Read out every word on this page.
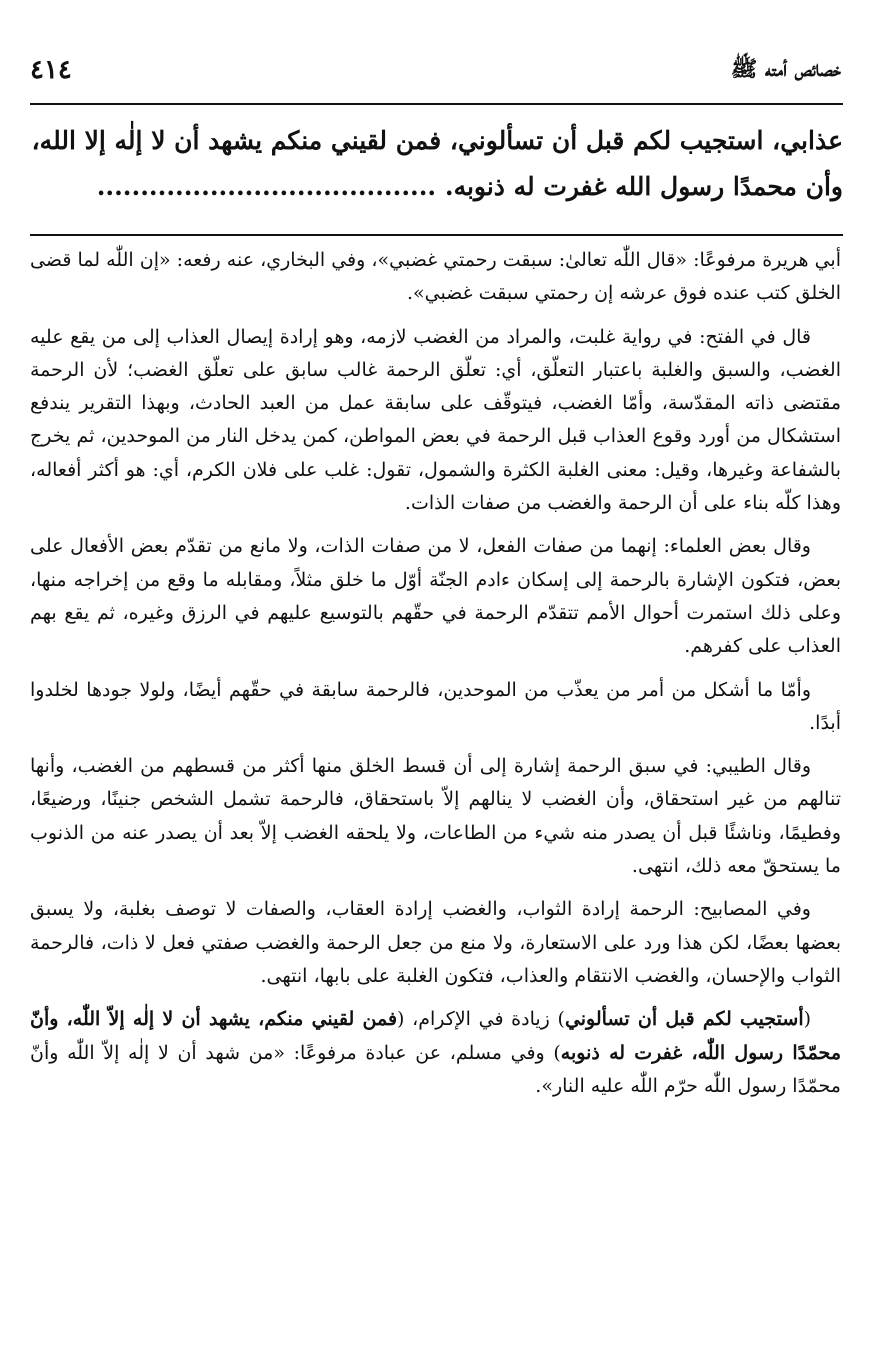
خصائص أمته ﷺ
٤١٤

عذابي، استجيب لكم قبل أن تسألوني، فمن لقيني منكم يشهد أن لا إلٰه إلا الله،

وأن محمدًا رسول الله غفرت له ذنوبه. .......................................

أبي هريرة مرفوعًا: «قال اللّٰه تعالىٰ: سبقت رحمتي غضبي»، وفي البخاري، عنه رفعه: «إن اللّٰه لما قضى الخلق كتب عنده فوق عرشه إن رحمتي سبقت غضبي».

قال في الفتح: في رواية غلبت، والمراد من الغضب لازمه، وهو إرادة إيصال العذاب إلى من يقع عليه الغضب، والسبق والغلبة باعتبار التعلّق، أي: تعلّق الرحمة غالب سابق على تعلّق الغضب؛ لأن الرحمة مقتضى ذاته المقدّسة، وأمّا الغضب، فيتوقّف على سابقة عمل من العبد الحادث، وبهذا التقرير يندفع استشكال من أورد وقوع العذاب قبل الرحمة في بعض المواطن، كمن يدخل النار من الموحدين، ثم يخرج بالشفاعة وغيرها، وقيل: معنى الغلبة الكثرة والشمول، تقول: غلب على فلان الكرم، أي: هو أكثر أفعاله، وهذا كلّه بناء على أن الرحمة والغضب من صفات الذات.

وقال بعض العلماء: إنهما من صفات الفعل، لا من صفات الذات، ولا مانع من تقدّم بعض الأفعال على بعض، فتكون الإشارة بالرحمة إلى إسكان ءادم الجنّة أوّل ما خلق مثلاً، ومقابله ما وقع من إخراجه منها، وعلى ذلك استمرت أحوال الأمم تتقدّم الرحمة في حقّهم بالتوسيع عليهم في الرزق وغيره، ثم يقع بهم العذاب على كفرهم.

وأمّا ما أشكل من أمر من يعذّب من الموحدين، فالرحمة سابقة في حقّهم أيضًا، ولولا جودها لخلدوا أبدًا.

وقال الطيبي: في سبق الرحمة إشارة إلى أن قسط الخلق منها أكثر من قسطهم من الغضب، وأنها تنالهم من غير استحقاق، وأن الغضب لا ينالهم إلاّ باستحقاق، فالرحمة تشمل الشخص جنينًا، ورضيعًا، وفطيمًا، وناشئًا قبل أن يصدر منه شيء من الطاعات، ولا يلحقه الغضب إلاّ بعد أن يصدر عنه من الذنوب ما يستحقّ معه ذلك، انتهى.

وفي المصابيح: الرحمة إرادة الثواب، والغضب إرادة العقاب، والصفات لا توصف بغلبة، ولا يسبق بعضها بعضًا، لكن هذا ورد على الاستعارة، ولا منع من جعل الرحمة والغضب صفتي فعل لا ذات، فالرحمة الثواب والإحسان، والغضب الانتقام والعذاب، فتكون الغلبة على بابها، انتهى.

(أستجيب لكم قبل أن تسألوني) زيادة في الإكرام، (فمن لقيني منكم، يشهد أن لا إلٰه إلاّ اللّٰه، وأنّ محمّدًا رسول اللّٰه، غفرت له ذنوبه) وفي مسلم، عن عبادة مرفوعًا: «من شهد أن لا إلٰه إلاّ اللّٰه وأنّ محمّدًا رسول اللّٰه حرّم اللّٰه عليه النار».
